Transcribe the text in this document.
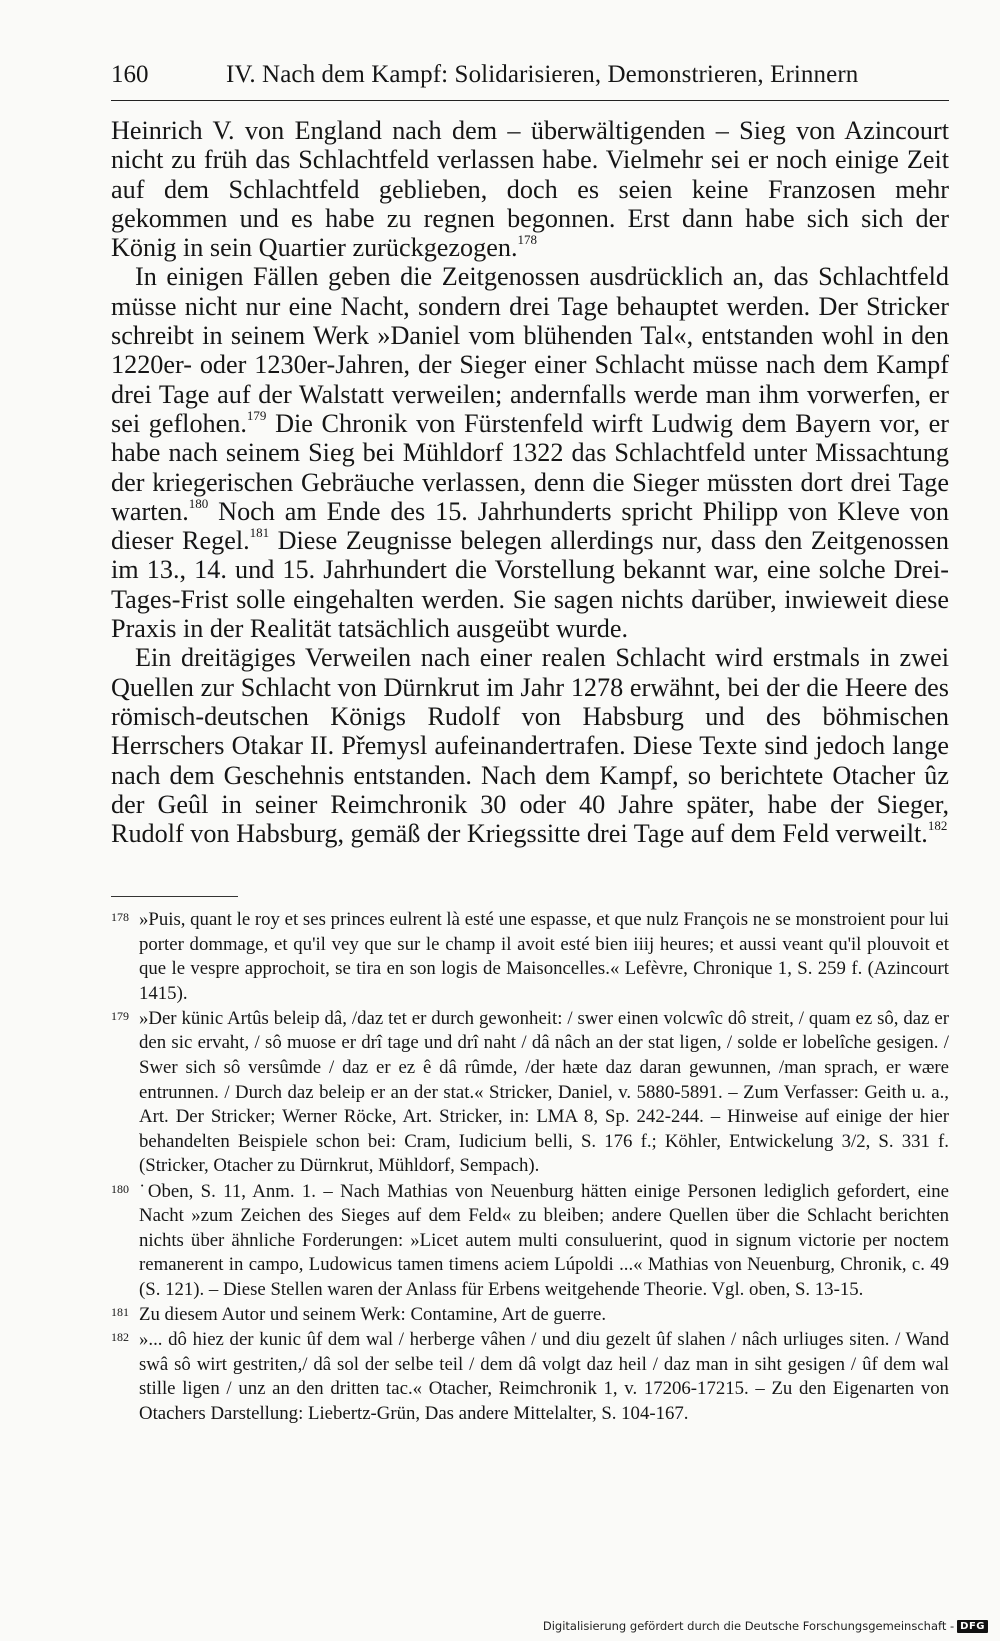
160	IV. Nach dem Kampf: Solidarisieren, Demonstrieren, Erinnern

Heinrich V. von England nach dem – überwältigenden – Sieg von Azincourt nicht zu früh das Schlachtfeld verlassen habe. Vielmehr sei er noch einige Zeit auf dem Schlachtfeld geblieben, doch es seien keine Franzosen mehr gekommen und es habe zu regnen begonnen. Erst dann habe sich sich der König in sein Quartier zurückgezogen.$^{178}$

In einigen Fällen geben die Zeitgenossen ausdrücklich an, das Schlachtfeld müsse nicht nur eine Nacht, sondern drei Tage behauptet werden. Der Stricker schreibt in seinem Werk »Daniel vom blühenden Tal«, entstanden wohl in den 1220er- oder 1230er-Jahren, der Sieger einer Schlacht müsse nach dem Kampf drei Tage auf der Walstatt verweilen; andernfalls werde man ihm vorwerfen, er sei geflohen.$^{179}$ Die Chronik von Fürstenfeld wirft Ludwig dem Bayern vor, er habe nach seinem Sieg bei Mühldorf 1322 das Schlachtfeld unter Missachtung der kriegerischen Gebräuche verlassen, denn die Sieger müssten dort drei Tage warten.$^{180}$ Noch am Ende des 15. Jahrhunderts spricht Philipp von Kleve von dieser Regel.$^{181}$ Diese Zeugnisse belegen allerdings nur, dass den Zeitgenossen im 13., 14. und 15. Jahrhundert die Vorstellung bekannt war, eine solche Drei-Tages-Frist solle eingehalten werden. Sie sagen nichts darüber, inwieweit diese Praxis in der Realität tatsächlich ausgeübt wurde.

Ein dreitägiges Verweilen nach einer realen Schlacht wird erstmals in zwei Quellen zur Schlacht von Dürnkrut im Jahr 1278 erwähnt, bei der die Heere des römisch-deutschen Königs Rudolf von Habsburg und des böhmischen Herrschers Otakar II. Přemysl aufeinandertrafen. Diese Texte sind jedoch lange nach dem Geschehnis entstanden. Nach dem Kampf, so berichtete Otacher ûz der Geûl in seiner Reimchronik 30 oder 40 Jahre später, habe der Sieger, Rudolf von Habsburg, gemäß der Kriegssitte drei Tage auf dem Feld verweilt.$^{182}$

178 »Puis, quant le roy et ses princes eulrent là esté une espasse, et que nulz François ne se monstroient pour lui porter dommage, et qu'il vey que sur le champ il avoit esté bien iiij heures; et aussi veant qu'il plouvoit et que le vespre approchoit, se tira en son logis de Maisoncelles.« Lefèvre, Chronique 1, S. 259 f. (Azincourt 1415).
179 »Der künic Artûs beleip dâ, /daz tet er durch gewonheit: / swer einen volcwîc dô streit, / quam ez sô, daz er den sic ervaht, / sô muose er drî tage und drî naht / dâ nâch an der stat ligen, / solde er lobelîche gesigen. / Swer sich sô versûmde / daz er ez ê dâ rûmde, /der hæte daz daran gewunnen, /man sprach, er wære entrunnen. / Durch daz beleip er an der stat.« Stricker, Daniel, v. 5880-5891. – Zum Verfasser: Geith u. a., Art. Der Stricker; Werner Röcke, Art. Stricker, in: LMA 8, Sp. 242-244. – Hinweise auf einige der hier behandelten Beispiele schon bei: Cram, Iudicium belli, S. 176 f.; Köhler, Entwickelung 3/2, S. 331 f. (Stricker, Otacher zu Dürnkrut, Mühldorf, Sempach).
180 ˙Oben, S. 11, Anm. 1. – Nach Mathias von Neuenburg hätten einige Personen lediglich gefordert, eine Nacht »zum Zeichen des Sieges auf dem Feld« zu bleiben; andere Quellen über die Schlacht berichten nichts über ähnliche Forderungen: »Licet autem multi consuluerint, quod in signum victorie per noctem remanerent in campo, Ludowicus tamen timens aciem Lúpoldi ...« Mathias von Neuenburg, Chronik, c. 49 (S. 121). – Diese Stellen waren der Anlass für Erbens weitgehende Theorie. Vgl. oben, S. 13-15.
181 Zu diesem Autor und seinem Werk: Contamine, Art de guerre.
182 »... dô hiez der kunic ûf dem wal / herberge vâhen / und diu gezelt ûf slahen / nâch urliuges siten. / Wand swâ sô wirt gestriten,/ dâ sol der selbe teil / dem dâ volgt daz heil / daz man in siht gesigen / ûf dem wal stille ligen / unz an den dritten tac.« Otacher, Reimchronik 1, v. 17206-17215. – Zu den Eigenarten von Otachers Darstellung: Liebertz-Grün, Das andere Mittelalter, S. 104-167.
Digitalisierung gefördert durch die Deutsche Forschungsgemeinschaft - DFG
